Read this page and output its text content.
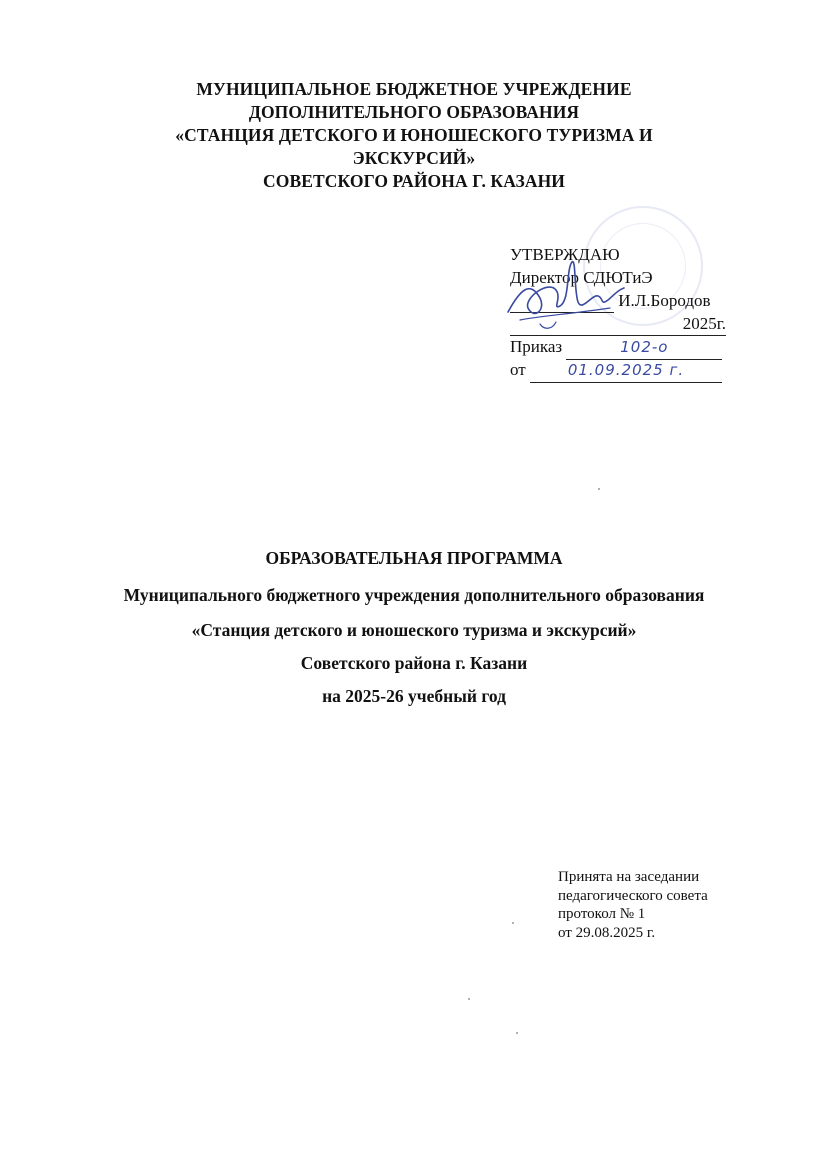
МУНИЦИПАЛЬНОЕ БЮДЖЕТНОЕ УЧРЕЖДЕНИЕ
ДОПОЛНИТЕЛЬНОГО ОБРАЗОВАНИЯ
«СТАНЦИЯ ДЕТСКОГО И ЮНОШЕСКОГО ТУРИЗМА И
ЭКСКУРСИЙ»
СОВЕТСКОГО РАЙОНА Г. КАЗАНИ
УТВЕРЖДАЮ
Директор СДЮТиЭ
И.Л.Бородов
2025г.
Приказ	102-о
от	01.09.2025 г.
ОБРАЗОВАТЕЛЬНАЯ ПРОГРАММА
Муниципального бюджетного учреждения дополнительного образования
«Станция детского и юношеского туризма и экскурсий»
Советского района г. Казани
на 2025-26 учебный год
Принята на заседании
педагогического совета
протокол № 1
от 29.08.2025 г.
